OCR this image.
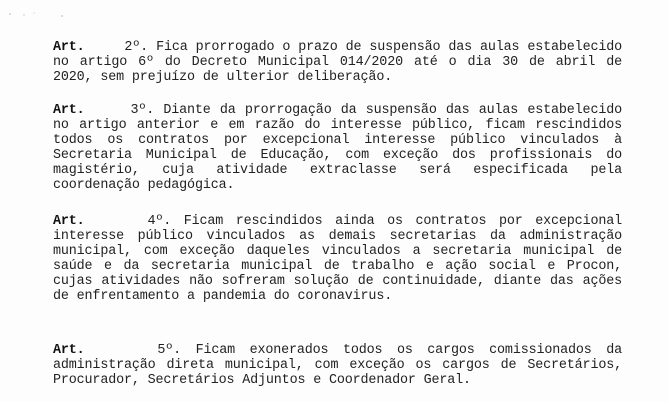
Art.	2º. Fica prorrogado o prazo de suspensão das aulas estabelecido no artigo 6º do Decreto Municipal 014/2020 até o dia 30 de abril de 2020, sem prejuízo de ulterior deliberação.

Art.	3º. Diante da prorrogação da suspensão das aulas estabelecido no artigo anterior e em razão do interesse público, ficam rescindidos todos os contratos por excepcional interesse público vinculados à Secretaria Municipal de Educação, com exceção dos profissionais do magistério, cuja atividade extraclasse será especificada pela coordenação pedagógica.

Art.	4º. Ficam rescindidos ainda os contratos por excepcional interesse público vinculados as demais secretarias da administração municipal, com exceção daqueles vinculados a secretaria municipal de saúde e da secretaria municipal de trabalho e ação social e Procon, cujas atividades não sofreram solução de continuidade, diante das ações de enfrentamento a pandemia do coronavirus.

Art.	5º. Ficam exonerados todos os cargos comissionados da administração direta municipal, com exceção os cargos de Secretários, Procurador, Secretários Adjuntos e Coordenador Geral.
